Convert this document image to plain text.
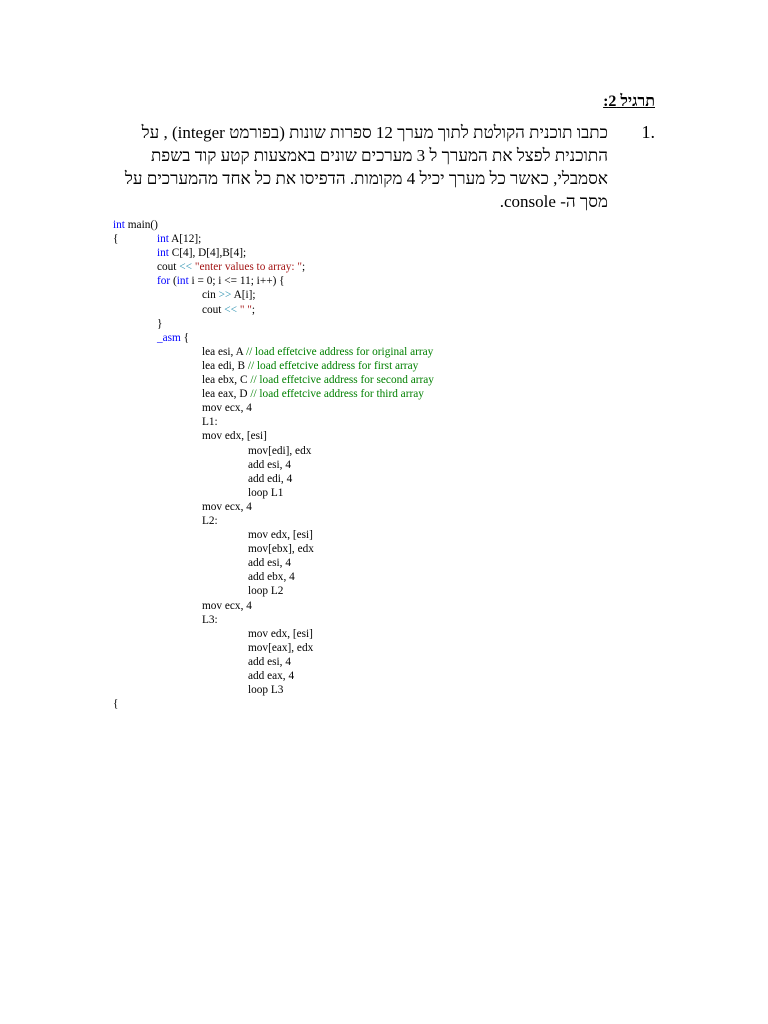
תרגיל 2:
1.
כתבו תוכנית הקולטת לתוך מערך 12 ספרות שונות (בפורמט integer) , על התוכנית לפצל את המערך ל 3 מערכים שונים באמצעות קטע קוד בשפת אסמבלי, כאשר כל מערך יכיל 4 מקומות. הדפיסו את כל אחד מהמערכים על מסך ה- console.
int main()
{	int A[12];
int C[4], D[4],B[4];
cout << "enter values to array: ";
for (int i = 0; i <= 11; i++) {
cin >> A[i];
cout << " ";
}
_asm {
lea esi, A // load effetcive address for original array
lea edi, B // load effetcive address for first array
lea ebx, C // load effetcive address for second array
lea eax, D // load effetcive address for third array
mov ecx, 4
L1:
mov edx, [esi]
mov[edi], edx
add esi, 4
add edi, 4
loop L1
mov ecx, 4
L2:
mov edx, [esi]
mov[ebx], edx
add esi, 4
add ebx, 4
loop L2
mov ecx, 4
L3:
mov edx, [esi]
mov[eax], edx
add esi, 4
add eax, 4
loop L3
{
